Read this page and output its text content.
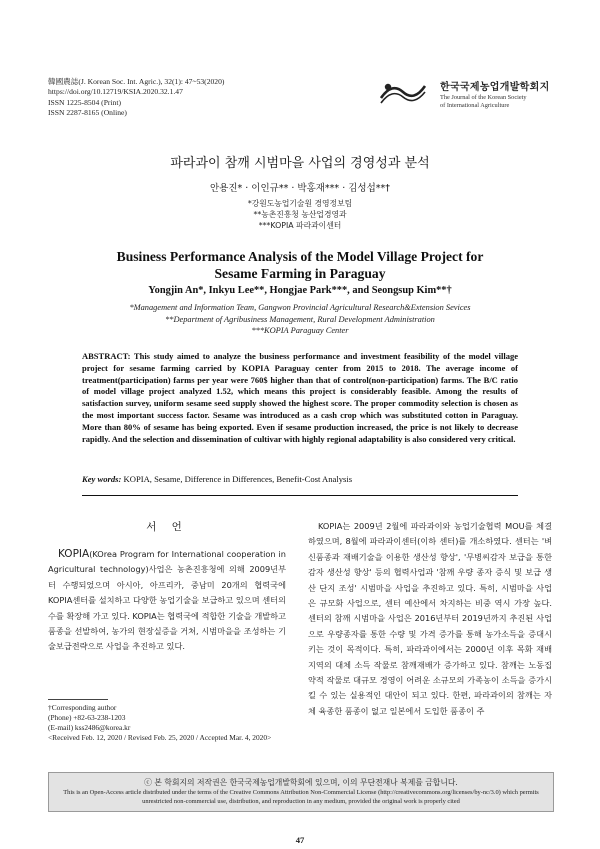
韓國農誌(J. Korean Soc. Int. Agric.), 32(1): 47~53(2020)
https://doi.org/10.12719/KSIA.2020.32.1.47
ISSN 1225-8504 (Print)
ISSN 2287-8165 (Online)
한국국제농업개발학회지
The Journal of the Korean Society
of International Agriculture
파라과이 참깨 시범마을 사업의 경영성과 분석
안용진* · 이인규** · 박홍재*** · 김성섭**†
*강원도농업기술원 경영정보팀
**농촌진흥청 농산업경영과
***KOPIA 파라과이센터
Business Performance Analysis of the Model Village Project for
Sesame Farming in Paraguay
Yongjin An*, Inkyu Lee**, Hongjae Park***, and Seongsup Kim**†
*Management and Information Team, Gangwon Provincial Agricultural Research&Extension Sevices
**Department of Agribusiness Management, Rural Development Administration
***KOPIA Paraguay Center
ABSTRACT: This study aimed to analyze the business performance and investment feasibility of the model village project for sesame farming carried by KOPIA Paraguay center from 2015 to 2018. The average income of treatment(participation) farms per year were 760$ higher than that of control(non-participation) farms. The B/C ratio of model village project analyzed 1.52, which means this project is considerably feasible. Among the results of satisfaction survey, uniform sesame seed supply showed the highest score. The proper commodity selection is chosen as the most important success factor. Sesame was introduced as a cash crop which was substituted cotton in Paraguay. More than 80% of sesame has being exported. Even if sesame production increased, the price is not likely to decrease rapidly. And the selection and dissemination of cultivar with highly regional adaptability is also considered very critical.
Key words: KOPIA, Sesame, Difference in Differences, Benefit-Cost Analysis
서 언
KOPIA(KOrea Program for International cooperation in Agricultural technology)사업은 농촌진흥청에 의해 2009년부터 수행되었으며 아시아, 아프리카, 중남미 20개의 협력국에 KOPIA센터를 설치하고 다양한 농업기술을 보급하고 있으며 센터의 수를 확장해 가고 있다. KOPIA는 협력국에 적합한 기술을 개발하고 품종을 선발하여, 농가의 현장실증을 거쳐, 시범마을을 조성하는 기술보급전략으로 사업을 추진하고 있다.
KOPIA는 2009년 2월에 파라과이와 농업기술협력 MOU를 체결하였으며, 8월에 파라과이센터(이하 센터)를 개소하였다. 센터는 '벼 신품종과 재배기술을 이용한 생산성 향상', '무병씨감자 보급을 통한 감자 생산성 향상' 등의 협력사업과 '참깨 우량 종자 증식 및 보급 생산 단지 조성' 시범마을 사업을 추진하고 있다. 특히, 시범마을 사업은 규모화 사업으로, 센터 예산에서 차지하는 비중 역시 가장 높다. 센터의 참깨 시범마을 사업은 2016년부터 2019년까지 추진된 사업으로 우량종자를 통한 수량 및 가격 증가를 통해 농가소득을 증대시키는 것이 목적이다. 특히, 파라과이에서는 2000년 이후 목화 재배지역의 대체 소득 작물로 참깨재배가 증가하고 있다. 참깨는 노동집약적 작물로 대규모 경영이 어려운 소규모의 가족농이 소득을 증가시킬 수 있는 실용적인 대안이 되고 있다. 한편, 파라과이의 참깨는 자체 육종한 품종이 없고 일본에서 도입한 품종이 주
†Corresponding author
(Phone) +82-63-238-1203
(E-mail) kss2486@korea.kr
<Received Feb. 12, 2020 / Revised Feb. 25, 2020 / Accepted Mar. 4, 2020>
ⓒ 본 학회지의 저작권은 한국국제농업개발학회에 있으며, 이의 무단전재나 복제를 금합니다.
This is an Open-Access article distributed under the terms of the Creative Commons Attribution Non-Commercial License (http://creativecommons.org/licenses/by-nc/3.0) which permits unrestricted non-commercial use, distribution, and reproduction in any medium, provided the original work is properly cited
47
